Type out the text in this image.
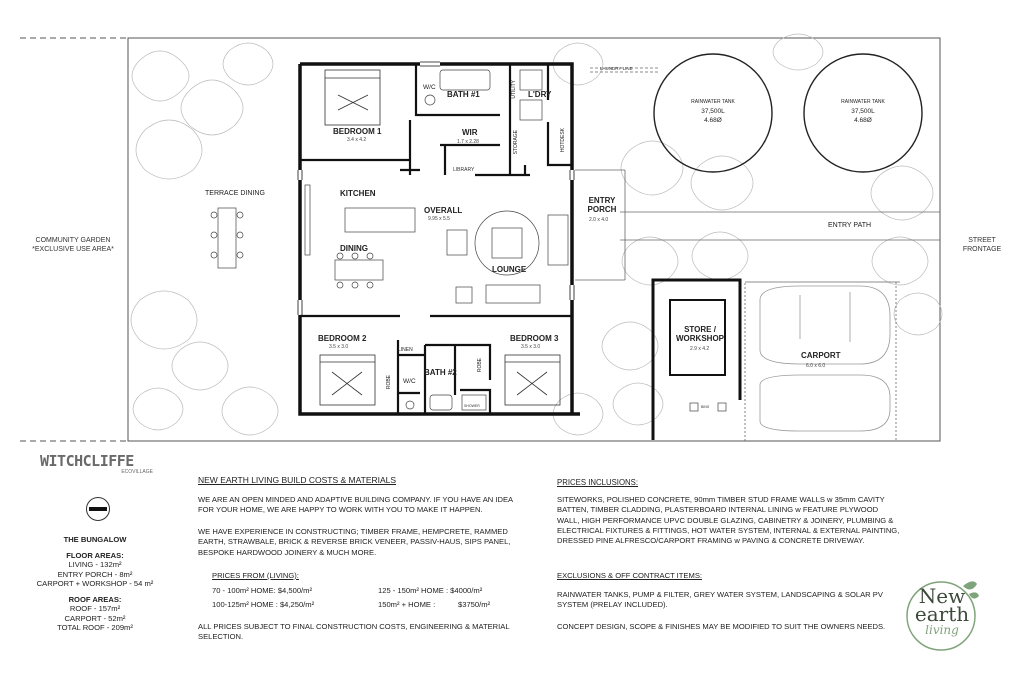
COMMUNITY GARDEN
*EXCLUSIVE USE AREA*
STREET
FRONTAGE
TERRACE DINING
ENTRY PATH
LAUNDRY LINE
RAINWATER TANK
37,500L
4.68Ø
RAINWATER TANK
37,500L
4.68Ø
BEDROOM 1
3.4 x 4.2
W/C
BATH #1	UTILITY L'DRY
WIR
1.7 x 2.28	STORAGE	HOTDESK
LIBRARY
KITCHEN
OVERALL
9.95 x 5.5
DINING
LOUNGE
ENTRY
PORCH
2.0 x 4.0
BEDROOM 2
3.5 x 3.0	LINEN
ROBE W/C
BATH #2
ROBE
SHOWER
BEDROOM 3
3.5 x 3.0
STORE /
WORKSHOP
2.9 x 4.2
CARPORT
6.0 x 6.0
BINS
WITCHCLIFFE
ECOVILLAGE
THE BUNGALOW
FLOOR AREAS:
LIVING - 132m²
ENTRY PORCH - 8m²
CARPORT + WORKSHOP - 54 m²
ROOF AREAS:
ROOF - 157m²
CARPORT - 52m²
TOTAL ROOF - 209m²
NEW EARTH LIVING BUILD COSTS & MATERIALS
WE ARE AN OPEN MINDED AND ADAPTIVE BUILDING COMPANY. IF YOU HAVE AN IDEA FOR YOUR HOME, WE ARE HAPPY TO WORK WITH YOU TO MAKE IT HAPPEN.
WE HAVE EXPERIENCE IN CONSTRUCTING; TIMBER FRAME, HEMPCRETE, RAMMED EARTH, STRAWBALE, BRICK & REVERSE BRICK VENEER, PASSIV-HAUS, SIPS PANEL, BESPOKE HARDWOOD JOINERY & MUCH MORE.
PRICES FROM (LIVING):
70 - 100m² HOME: $4,500/m²
100-125m² HOME : $4,250/m²
125 - 150m² HOME : $4000/m²
150m² + HOME :	$3750/m²
ALL PRICES SUBJECT TO FINAL CONSTRUCTION COSTS, ENGINEERING & MATERIAL SELECTION.
PRICES INCLUSIONS:
SITEWORKS, POLISHED CONCRETE, 90mm TIMBER STUD FRAME WALLS w 35mm CAVITY BATTEN, TIMBER CLADDING, PLASTERBOARD INTERNAL LINING w FEATURE PLYWOOD WALL, HIGH PERFORMANCE UPVC DOUBLE GLAZING, CABINETRY & JOINERY, PLUMBING & ELECTRICAL FIXTURES & FITTINGS, HOT WATER SYSTEM, INTERNAL & EXTERNAL PAINTING, DRESSED PINE ALFRESCO/CARPORT FRAMING w PAVING & CONCRETE DRIVEWAY.
EXCLUSIONS & OFF CONTRACT ITEMS:
RAINWATER TANKS, PUMP & FILTER, GREY WATER SYSTEM, LANDSCAPING & SOLAR PV SYSTEM (PRELAY INCLUDED).
CONCEPT DESIGN, SCOPE & FINISHES MAY BE MODIFIED TO SUIT THE OWNERS NEEDS.
New
earth
living
